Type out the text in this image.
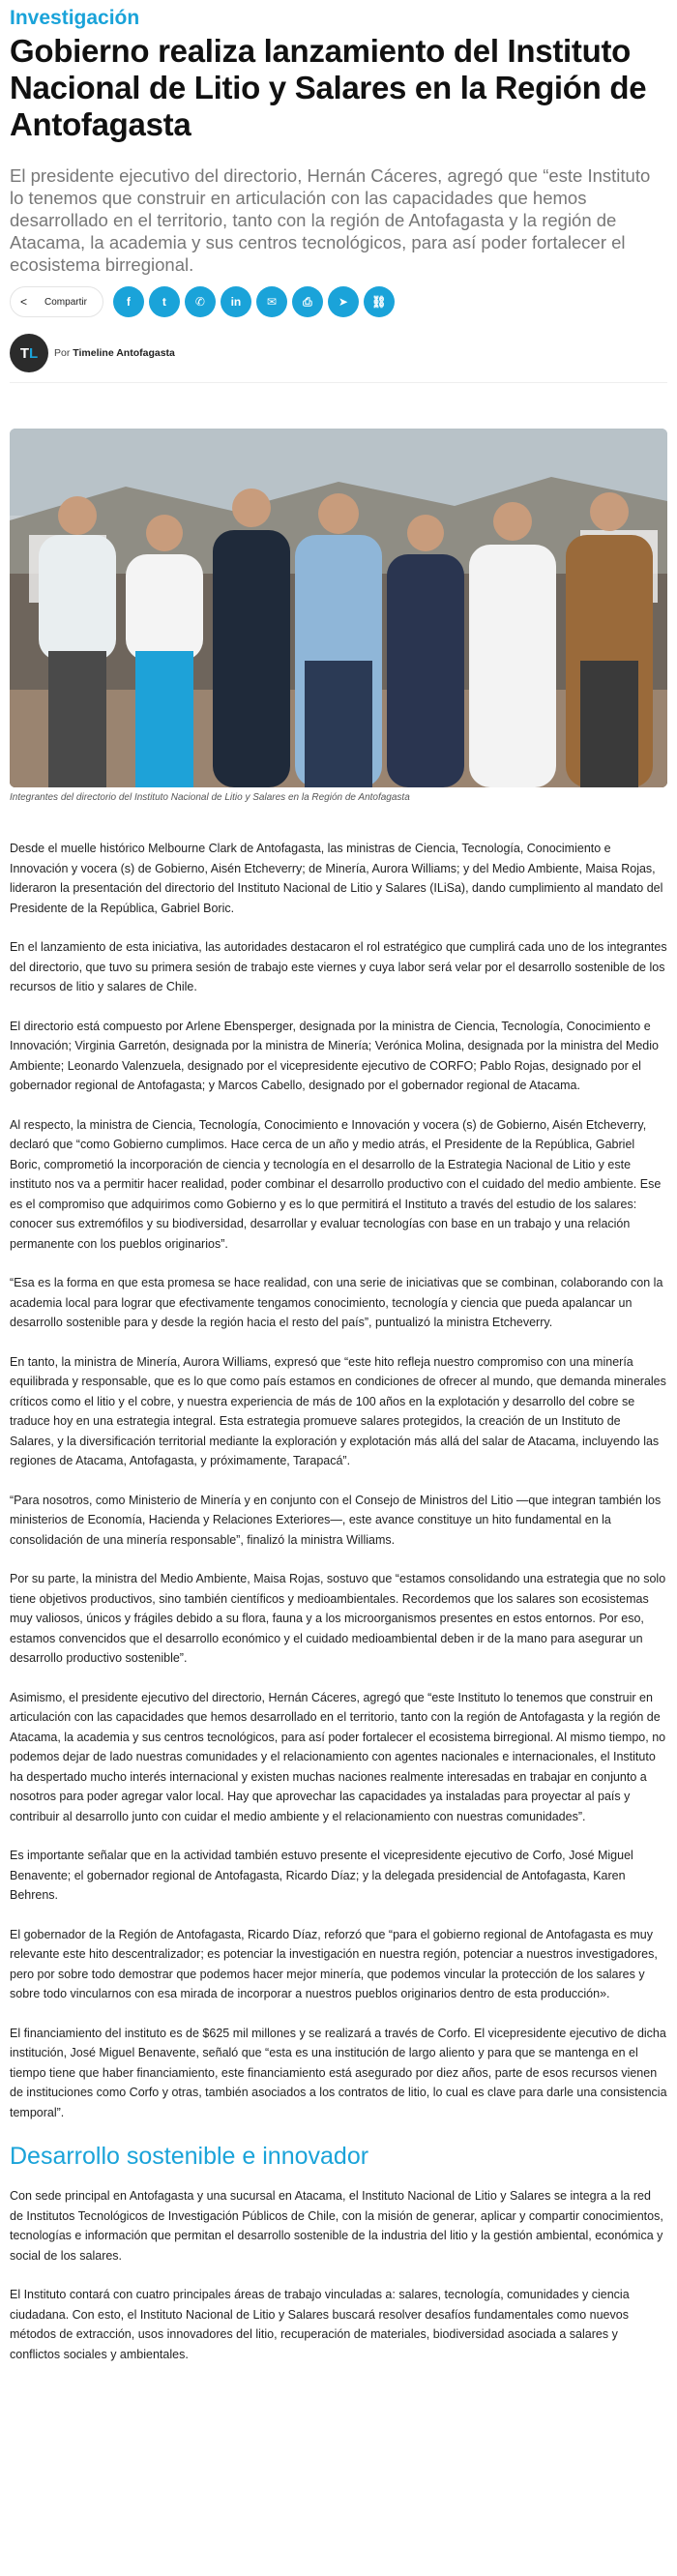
Investigación
Gobierno realiza lanzamiento del Instituto Nacional de Litio y Salares en la Región de Antofagasta

El presidente ejecutivo del directorio, Hernán Cáceres, agregó que “este Instituto lo tenemos que construir en articulación con las capacidades que hemos desarrollado en el territorio, tanto con la región de Antofagasta y la región de Atacama, la academia y sus centros tecnológicos, para así poder fortalecer el ecosistema birregional.

< Compartir	f	t ✆ in ✉ ⎙ ➤ ⛓
T L Por Timeline Antofagasta

Integrantes del directorio del Instituto Nacional de Litio y Salares en la Región de Antofagasta

Desde el muelle histórico Melbourne Clark de Antofagasta, las ministras de Ciencia, Tecnología, Conocimiento e Innovación y vocera (s) de Gobierno, Aisén Etcheverry; de Minería, Aurora Williams; y del Medio Ambiente, Maisa Rojas, lideraron la presentación del directorio del Instituto Nacional de Litio y Salares (ILiSa), dando cumplimiento al mandato del Presidente de la República, Gabriel Boric.

En el lanzamiento de esta iniciativa, las autoridades destacaron el rol estratégico que cumplirá cada uno de los integrantes del directorio, que tuvo su primera sesión de trabajo este viernes y cuya labor será velar por el desarrollo sostenible de los recursos de litio y salares de Chile.

El directorio está compuesto por Arlene Ebensperger, designada por la ministra de Ciencia, Tecnología, Conocimiento e Innovación; Virginia Garretón, designada por la ministra de Minería; Verónica Molina, designada por la ministra del Medio Ambiente; Leonardo Valenzuela, designado por el vicepresidente ejecutivo de CORFO; Pablo Rojas, designado por el gobernador regional de Antofagasta; y Marcos Cabello, designado por el gobernador regional de Atacama.

Al respecto, la ministra de Ciencia, Tecnología, Conocimiento e Innovación y vocera (s) de Gobierno, Aisén Etcheverry, declaró que “como Gobierno cumplimos. Hace cerca de un año y medio atrás, el Presidente de la República, Gabriel Boric, comprometió la incorporación de ciencia y tecnología en el desarrollo de la Estrategia Nacional de Litio y este instituto nos va a permitir hacer realidad, poder combinar el desarrollo productivo con el cuidado del medio ambiente. Ese es el compromiso que adquirimos como Gobierno y es lo que permitirá el Instituto a través del estudio de los salares: conocer sus extremófilos y su biodiversidad, desarrollar y evaluar tecnologías con base en un trabajo y una relación permanente con los pueblos originarios”.

“Esa es la forma en que esta promesa se hace realidad, con una serie de iniciativas que se combinan, colaborando con la academia local para lograr que efectivamente tengamos conocimiento, tecnología y ciencia que pueda apalancar un desarrollo sostenible para y desde la región hacia el resto del país”, puntualizó la ministra Etcheverry.

En tanto, la ministra de Minería, Aurora Williams, expresó que “este hito refleja nuestro compromiso con una minería equilibrada y responsable, que es lo que como país estamos en condiciones de ofrecer al mundo, que demanda minerales críticos como el litio y el cobre, y nuestra experiencia de más de 100 años en la explotación y desarrollo del cobre se traduce hoy en una estrategia integral. Esta estrategia promueve salares protegidos, la creación de un Instituto de Salares, y la diversificación territorial mediante la exploración y explotación más allá del salar de Atacama, incluyendo las regiones de Atacama, Antofagasta, y próximamente, Tarapacá”.

“Para nosotros, como Ministerio de Minería y en conjunto con el Consejo de Ministros del Litio —que integran también los ministerios de Economía, Hacienda y Relaciones Exteriores—, este avance constituye un hito fundamental en la consolidación de una minería responsable”, finalizó la ministra Williams.

Por su parte, la ministra del Medio Ambiente, Maisa Rojas, sostuvo que “estamos consolidando una estrategia que no solo tiene objetivos productivos, sino también científicos y medioambientales. Recordemos que los salares son ecosistemas muy valiosos, únicos y frágiles debido a su flora, fauna y a los microorganismos presentes en estos entornos. Por eso, estamos convencidos que el desarrollo económico y el cuidado medioambiental deben ir de la mano para asegurar un desarrollo productivo sostenible”.

Asimismo, el presidente ejecutivo del directorio, Hernán Cáceres, agregó que “este Instituto lo tenemos que construir en articulación con las capacidades que hemos desarrollado en el territorio, tanto con la región de Antofagasta y la región de Atacama, la academia y sus centros tecnológicos, para así poder fortalecer el ecosistema birregional. Al mismo tiempo, no podemos dejar de lado nuestras comunidades y el relacionamiento con agentes nacionales e internacionales, el Instituto ha despertado mucho interés internacional y existen muchas naciones realmente interesadas en trabajar en conjunto a nosotros para poder agregar valor local. Hay que aprovechar las capacidades ya instaladas para proyectar al país y contribuir al desarrollo junto con cuidar el medio ambiente y el relacionamiento con nuestras comunidades”.

Es importante señalar que en la actividad también estuvo presente el vicepresidente ejecutivo de Corfo, José Miguel Benavente; el gobernador regional de Antofagasta, Ricardo Díaz; y la delegada presidencial de Antofagasta, Karen Behrens.

El gobernador de la Región de Antofagasta, Ricardo Díaz, reforzó que “para el gobierno regional de Antofagasta es muy relevante este hito descentralizador; es potenciar la investigación en nuestra región, potenciar a nuestros investigadores, pero por sobre todo demostrar que podemos hacer mejor minería, que podemos vincular la protección de los salares y sobre todo vincularnos con esa mirada de incorporar a nuestros pueblos originarios dentro de esta producción».

El financiamiento del instituto es de $625 mil millones y se realizará a través de Corfo. El vicepresidente ejecutivo de dicha institución, José Miguel Benavente, señaló que “esta es una institución de largo aliento y para que se mantenga en el tiempo tiene que haber financiamiento, este financiamiento está asegurado por diez años, parte de esos recursos vienen de instituciones como Corfo y otras, también asociados a los contratos de litio, lo cual es clave para darle una consistencia temporal”.

Desarrollo sostenible e innovador

Con sede principal en Antofagasta y una sucursal en Atacama, el Instituto Nacional de Litio y Salares se integra a la red de Institutos Tecnológicos de Investigación Públicos de Chile, con la misión de generar, aplicar y compartir conocimientos, tecnologías e información que permitan el desarrollo sostenible de la industria del litio y la gestión ambiental, económica y social de los salares.

El Instituto contará con cuatro principales áreas de trabajo vinculadas a: salares, tecnología, comunidades y ciencia ciudadana. Con esto, el Instituto Nacional de Litio y Salares buscará resolver desafíos fundamentales como nuevos métodos de extracción, usos innovadores del litio, recuperación de materiales, biodiversidad asociada a salares y conflictos sociales y ambientales.
